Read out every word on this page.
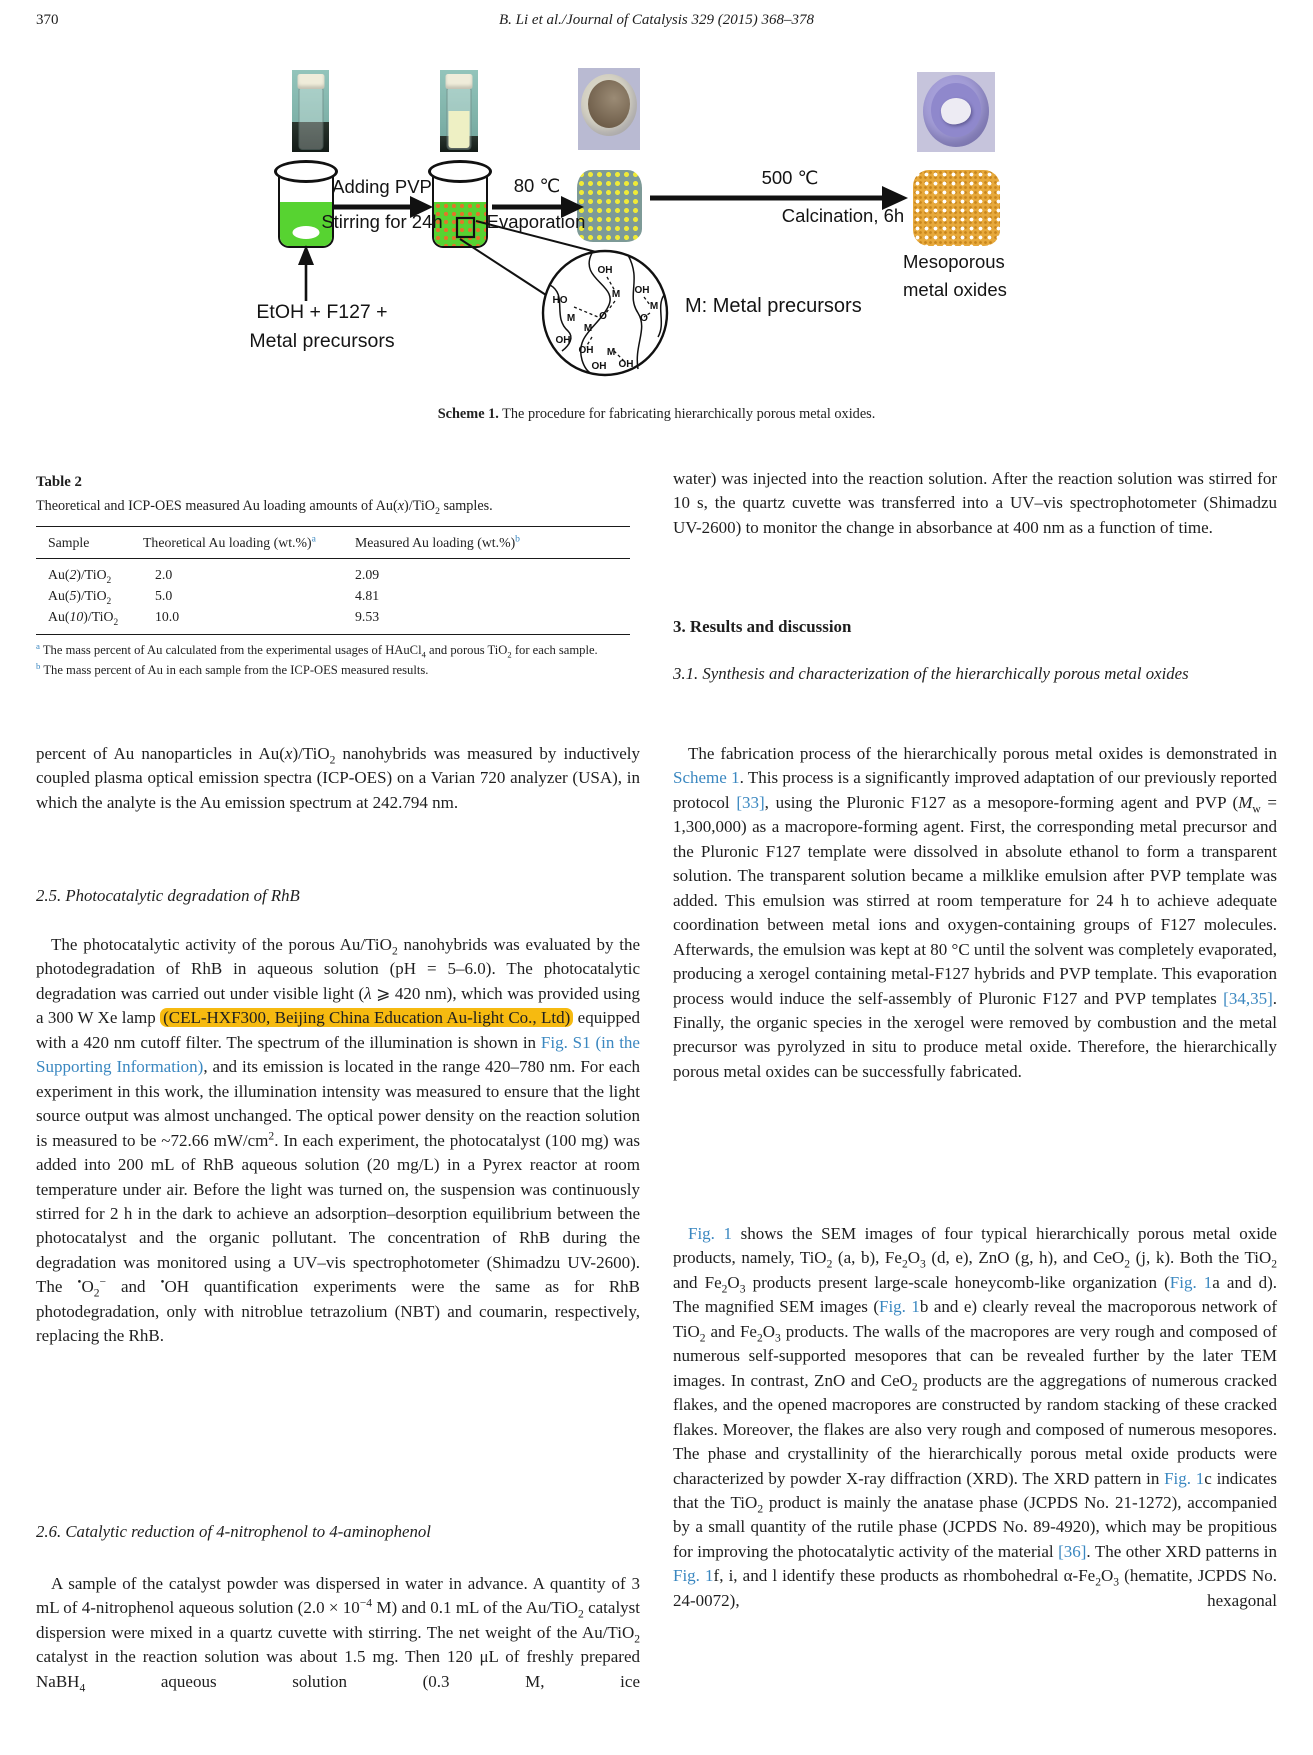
370	B. Li et al./Journal of Catalysis 329 (2015) 368–378
OH
M
O
HO
M
M
OH
OH
OH
M
O
M
OH OH
Adding PVP
Stirring for 24h
80 ℃
Evaporation
500 ℃
Calcination, 6h
EtOH + F127 +
Metal precursors
M: Metal precursors
Mesoporous
metal oxides
Scheme 1. The procedure for fabricating hierarchically porous metal oxides.
Table 2
Theoretical and ICP-OES measured Au loading amounts of Au(x)/TiO$_2$ samples.
Sample	Theoretical Au loading (wt.%)$^a$	Measured Au loading (wt.%)$^b$
Au(2)/TiO$_2$	2.0	2.09
Au(5)/TiO$_2$	5.0	4.81
Au(10)/TiO$_2$	10.0	9.53
$^a$ The mass percent of Au calculated from the experimental usages of HAuCl$_4$ and porous TiO$_2$ for each sample.
$^b$ The mass percent of Au in each sample from the ICP-OES measured results.
percent of Au nanoparticles in Au(x)/TiO$_2$ nanohybrids was measured by inductively coupled plasma optical emission spectra (ICP-OES) on a Varian 720 analyzer (USA), in which the analyte is the Au emission spectrum at 242.794 nm.
2.5. Photocatalytic degradation of RhB
The photocatalytic activity of the porous Au/TiO$_2$ nanohybrids was evaluated by the photodegradation of RhB in aqueous solution (pH = 5–6.0). The photocatalytic degradation was carried out under visible light (λ ⩾ 420 nm), which was provided using a 300 W Xe lamp (CEL-HXF300, Beijing China Education Au-light Co., Ltd) equipped with a 420 nm cutoff filter. The spectrum of the illumination is shown in Fig. S1 (in the Supporting Information), and its emission is located in the range 420–780 nm. For each experiment in this work, the illumination intensity was measured to ensure that the light source output was almost unchanged. The optical power density on the reaction solution is measured to be ~72.66 $mW/cm^2$. In each experiment, the photocatalyst (100 mg) was added into 200 mL of RhB aqueous solution (20 mg/L) in a Pyrex reactor at room temperature under air. Before the light was turned on, the suspension was continuously stirred for 2 h in the dark to achieve an adsorption–desorption equilibrium between the photocatalyst and the organic pollutant. The concentration of RhB during the degradation was monitored using a UV–vis spectrophotometer (Shimadzu UV-2600). The $^•O_2^-$ and •OH quantification experiments were the same as for RhB photodegradation, only with nitroblue tetrazolium (NBT) and coumarin, respectively, replacing the RhB.
2.6. Catalytic reduction of 4-nitrophenol to 4-aminophenol
A sample of the catalyst powder was dispersed in water in advance. A quantity of 3 mL of 4-nitrophenol aqueous solution ($2.0 \times 10^{-4}$ M) and 0.1 mL of the Au/TiO$_2$ catalyst dispersion were mixed in a quartz cuvette with stirring. The net weight of the Au/TiO$_2$ catalyst in the reaction solution was about 1.5 mg. Then 120 μL of freshly prepared NaBH$_4$ aqueous solution (0.3 M, ice
water) was injected into the reaction solution. After the reaction solution was stirred for 10 s, the quartz cuvette was transferred into a UV–vis spectrophotometer (Shimadzu UV-2600) to monitor the change in absorbance at 400 nm as a function of time.
3. Results and discussion
3.1. Synthesis and characterization of the hierarchically porous metal oxides
The fabrication process of the hierarchically porous metal oxides is demonstrated in Scheme 1. This process is a significantly improved adaptation of our previously reported protocol [33], using the Pluronic F127 as a mesopore-forming agent and PVP $(M_w = 1,300,000)$ as a macropore-forming agent. First, the corresponding metal precursor and the Pluronic F127 template were dissolved in absolute ethanol to form a transparent solution. The transparent solution became a milklike emulsion after PVP template was added. This emulsion was stirred at room temperature for 24 h to achieve adequate coordination between metal ions and oxygen-containing groups of F127 molecules. Afterwards, the emulsion was kept at 80 °C until the solvent was completely evaporated, producing a xerogel containing metal-F127 hybrids and PVP template. This evaporation process would induce the self-assembly of Pluronic F127 and PVP templates [34,35]. Finally, the organic species in the xerogel were removed by combustion and the metal precursor was pyrolyzed in situ to produce metal oxide. Therefore, the hierarchically porous metal oxides can be successfully fabricated.
Fig. 1 shows the SEM images of four typical hierarchically porous metal oxide products, namely, TiO$_2$ (a, b), $Fe_2O_3$ (d, e), ZnO (g, h), and CeO$_2$ (j, k). Both the TiO$_2$ and $Fe_2O_3$ products present large-scale honeycomb-like organization (Fig. 1a and d). The magnified SEM images (Fig. 1b and e) clearly reveal the macroporous network of TiO$_2$ and $Fe_2O_3$ products. The walls of the macropores are very rough and composed of numerous self-supported mesopores that can be revealed further by the later TEM images. In contrast, ZnO and CeO$_2$ products are the aggregations of numerous cracked flakes, and the opened macropores are constructed by random stacking of these cracked flakes. Moreover, the flakes are also very rough and composed of numerous mesopores. The phase and crystallinity of the hierarchically porous metal oxide products were characterized by powder X-ray diffraction (XRD). The XRD pattern in Fig. 1c indicates that the TiO$_2$ product is mainly the anatase phase (JCPDS No. 21-1272), accompanied by a small quantity of the rutile phase (JCPDS No. 89-4920), which may be propitious for improving the photocatalytic activity of the material [36]. The other XRD patterns in Fig. 1f, i, and l identify these products as rhombohedral $\alpha-Fe_2O_3$ (hematite, JCPDS No. 24-0072), hexagonal
